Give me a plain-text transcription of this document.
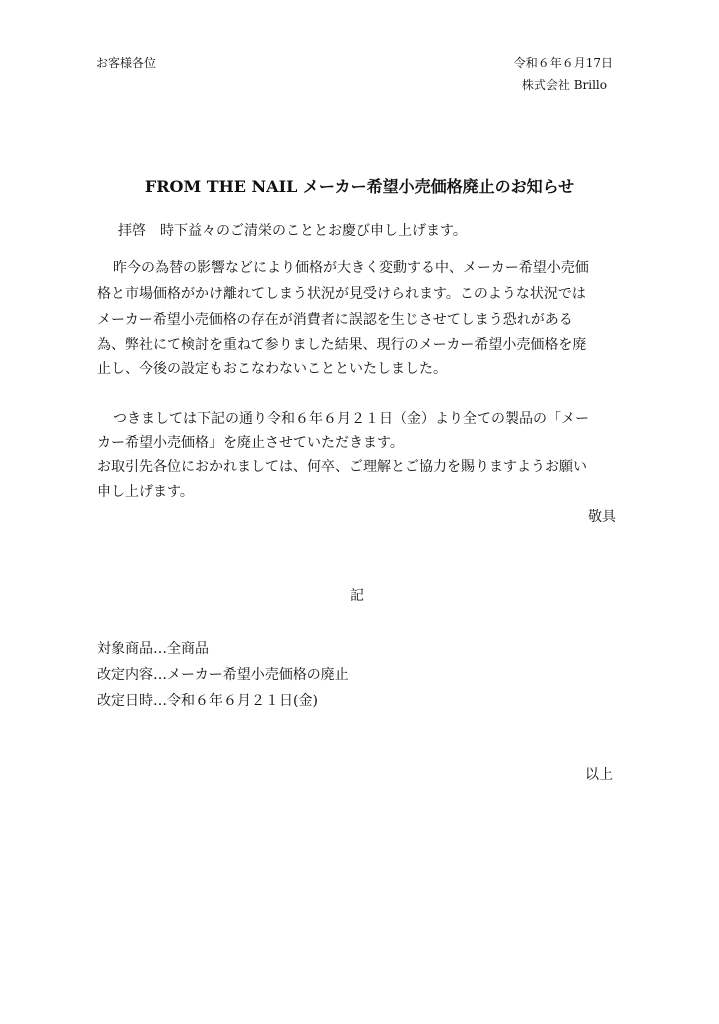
お客様各位	令和６年６月17日
株式会社 Brillo
FROM THE NAIL メーカー希望小売価格廃止のお知らせ
拝啓　時下益々のご清栄のこととお慶び申し上げます。
昨今の為替の影響などにより価格が大きく変動する中、メーカー希望小売価
格と市場価格がかけ離れてしまう状況が見受けられます。このような状況では
メーカー希望小売価格の存在が消費者に誤認を生じさせてしまう恐れがある
為、弊社にて検討を重ねて参りました結果、現行のメーカー希望小売価格を廃
止し、今後の設定もおこなわないことといたしました。
つきましては下記の通り令和６年６月２１日（金）より全ての製品の「メー
カー希望小売価格」を廃止させていただきます。
お取引先各位におかれましては、何卒、ご理解とご協力を賜りますようお願い
申し上げます。
敬具
記
対象商品…全商品
改定内容…メーカー希望小売価格の廃止
改定日時…令和６年６月２１日(金)
以上
